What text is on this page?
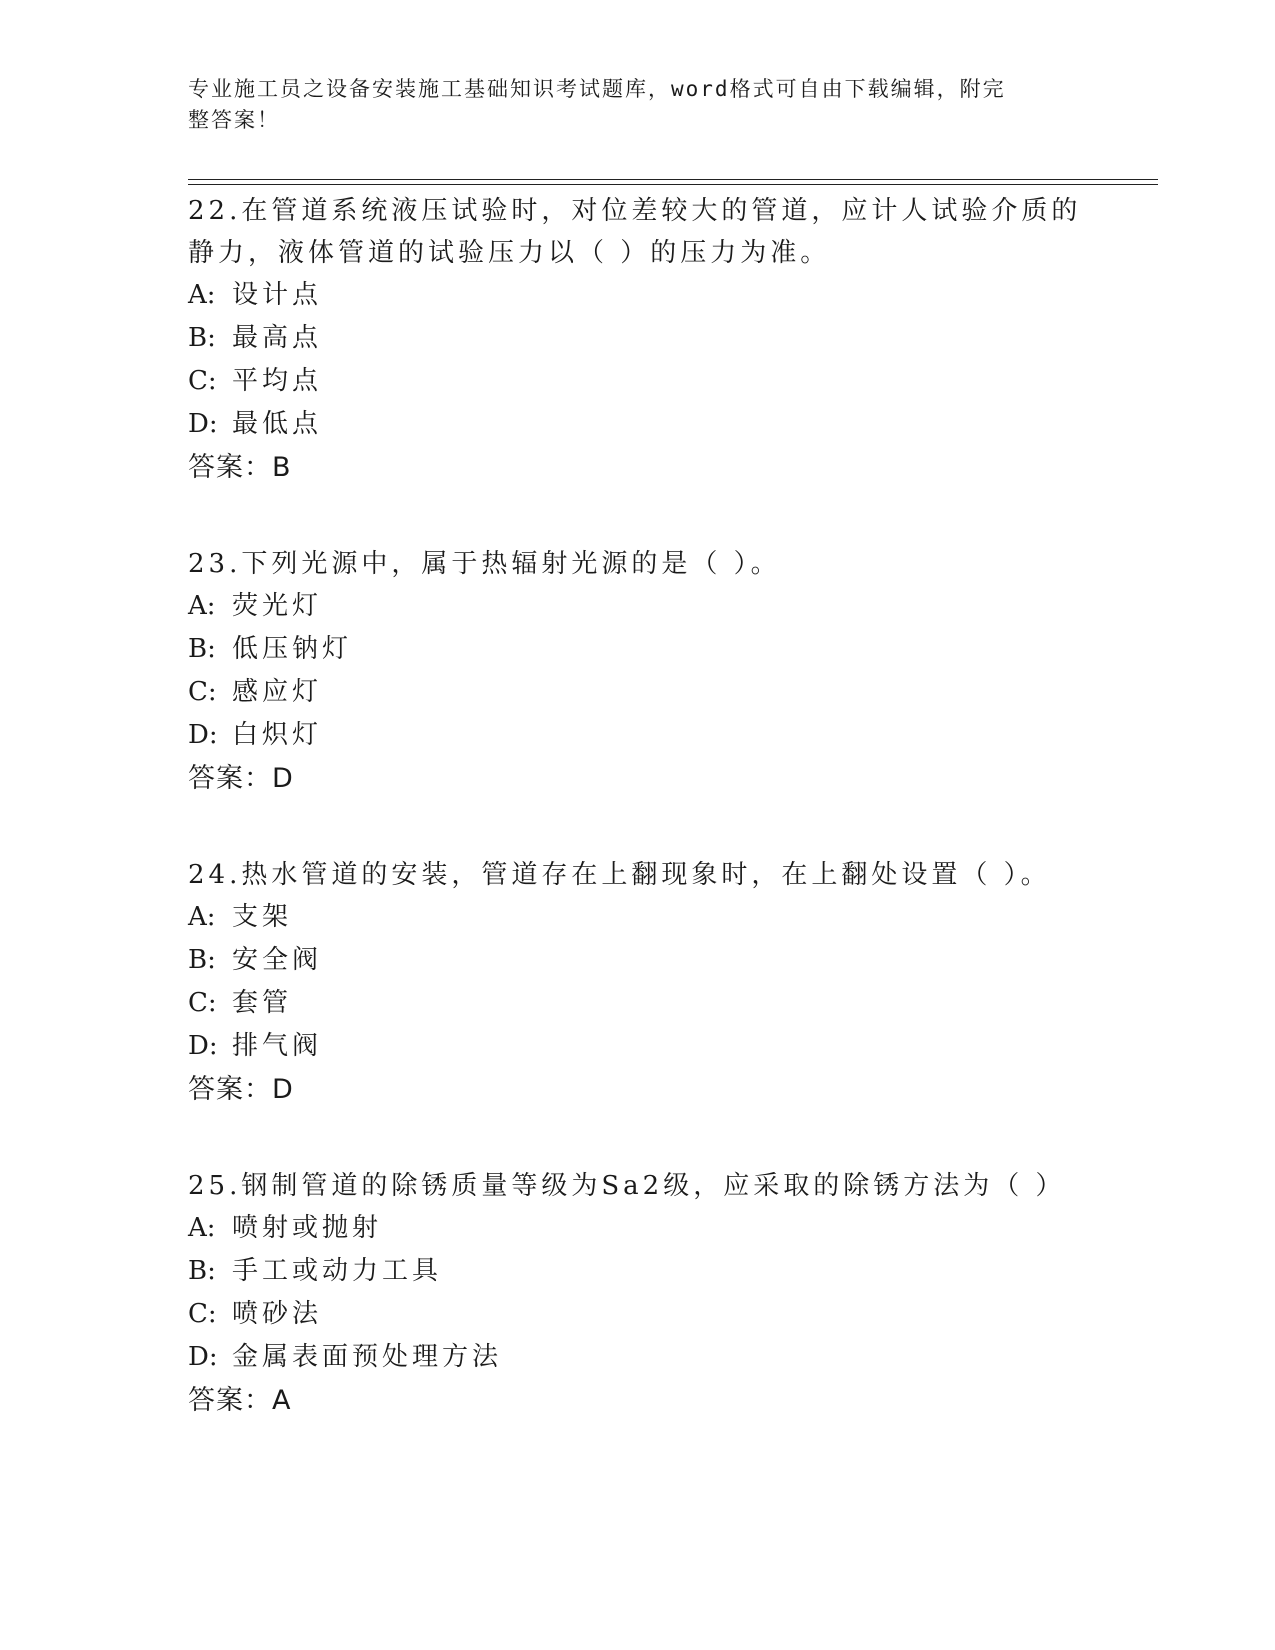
专业施工员之设备安装施工基础知识考试题库，word格式可自由下载编辑，附完
整答案！
22.在管道系统液压试验时，对位差较大的管道，应计人试验介质的静力，液体管道的试验压力以（ ）的压力为准。
A: 设计点
B: 最高点
C: 平均点
D: 最低点
答案：B
23.下列光源中，属于热辐射光源的是（ ）。
A: 荧光灯
B: 低压钠灯
C: 感应灯
D: 白炽灯
答案：D
24.热水管道的安装，管道存在上翻现象时，在上翻处设置（ ）。
A: 支架
B: 安全阀
C: 套管
D: 排气阀
答案：D
25.钢制管道的除锈质量等级为Sa2级，应采取的除锈方法为（ ）
A: 喷射或抛射
B: 手工或动力工具
C: 喷砂法
D: 金属表面预处理方法
答案：A
